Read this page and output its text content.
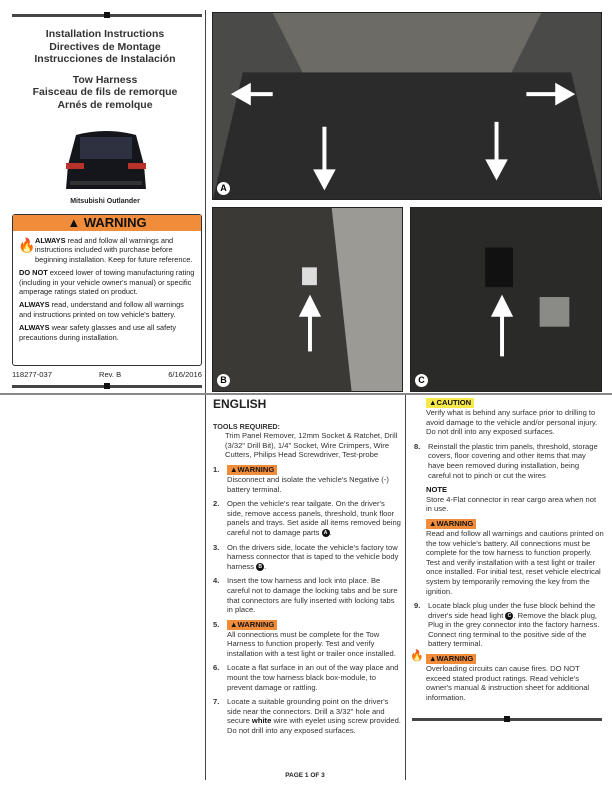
Installation Instructions
Directives de Montage
Instrucciones de Instalación
Tow Harness
Faisceau de fils de remorque
Arnés de remolque
Mitsubishi Outlander
▲ WARNING
🔥 ALWAYS read and follow all warnings and instructions included with purchase before beginning installation. Keep for future reference.

DO NOT exceed lower of towing manufacturing rating (including in your vehicle owner's manual) or specific amperage ratings stated on product.

ALWAYS read, understand and follow all warnings and instructions printed on tow vehicle's battery.

ALWAYS wear safety glasses and use all safety precautions during installation.

118277-037	Rev. B	6/16/2016
A
B	C
ENGLISH
TOOLS REQUIRED:
Trim Panel Remover, 12mm Socket & Ratchet, Drill (3/32" Drill Bit), 1/4" Socket, Wire Crimpers, Wire Cutters, Philips Head Screwdriver, Test-probe
1.	▲WARNING
Disconnect and isolate the vehicle's Negative (-) battery terminal.
2.	Open the vehicle's rear tailgate. On the driver's side, remove access panels, threshold, trunk floor panels and trays. Set aside all items removed being careful not to damage parts A .
3.	On the drivers side, locate the vehicle's factory tow harness connector that is taped to the vehicle body harness B .
4.	Insert the tow harness and lock into place. Be careful not to damage the locking tabs and be sure that connectors are fully inserted with locking tabs in place.
5.	▲WARNING
All connections must be complete for the Tow Harness to function properly. Test and verify installation with a test light or trailer once installed.
6.	Locate a flat surface in an out of the way place and mount the tow harness black box-module, to prevent damage or rattling.
7.	Locate a suitable grounding point on the driver's side near the connectors. Drill a 3/32" hole and secure white wire with eyelet using screw provided. Do not drill into any exposed surfaces.
PAGE 1 OF 3
▲CAUTION
Verify what is behind any surface prior to drilling to avoid damage to the vehicle and/or personal injury. Do not drill into any exposed surfaces.
8.	Reinstall the plastic trim panels, threshold, storage covers, floor covering and other items that may have been removed during installation, being careful not to pinch or cut the wires
NOTE
Store 4-Flat connector in rear cargo area when not in use.
▲WARNING
Read and follow all warnings and cautions printed on the tow vehicle's battery. All connections must be complete for the tow harness to function properly. Test and verify installation with a test light or trailer once installed. For initial test, reset vehicle electrical system by temporarily removing the key from the ignition.
9.	Locate black plug under the fuse block behind the driver's side head light C . Remove the black plug, Plug in the grey connector into the factory harness. Connect ring terminal to the positive side of the battery terminal.
🔥 ▲WARNING
Overloading circuits can cause fires. DO NOT exceed stated product ratings. Read vehicle's owner's manual & instruction sheet for additional information.
